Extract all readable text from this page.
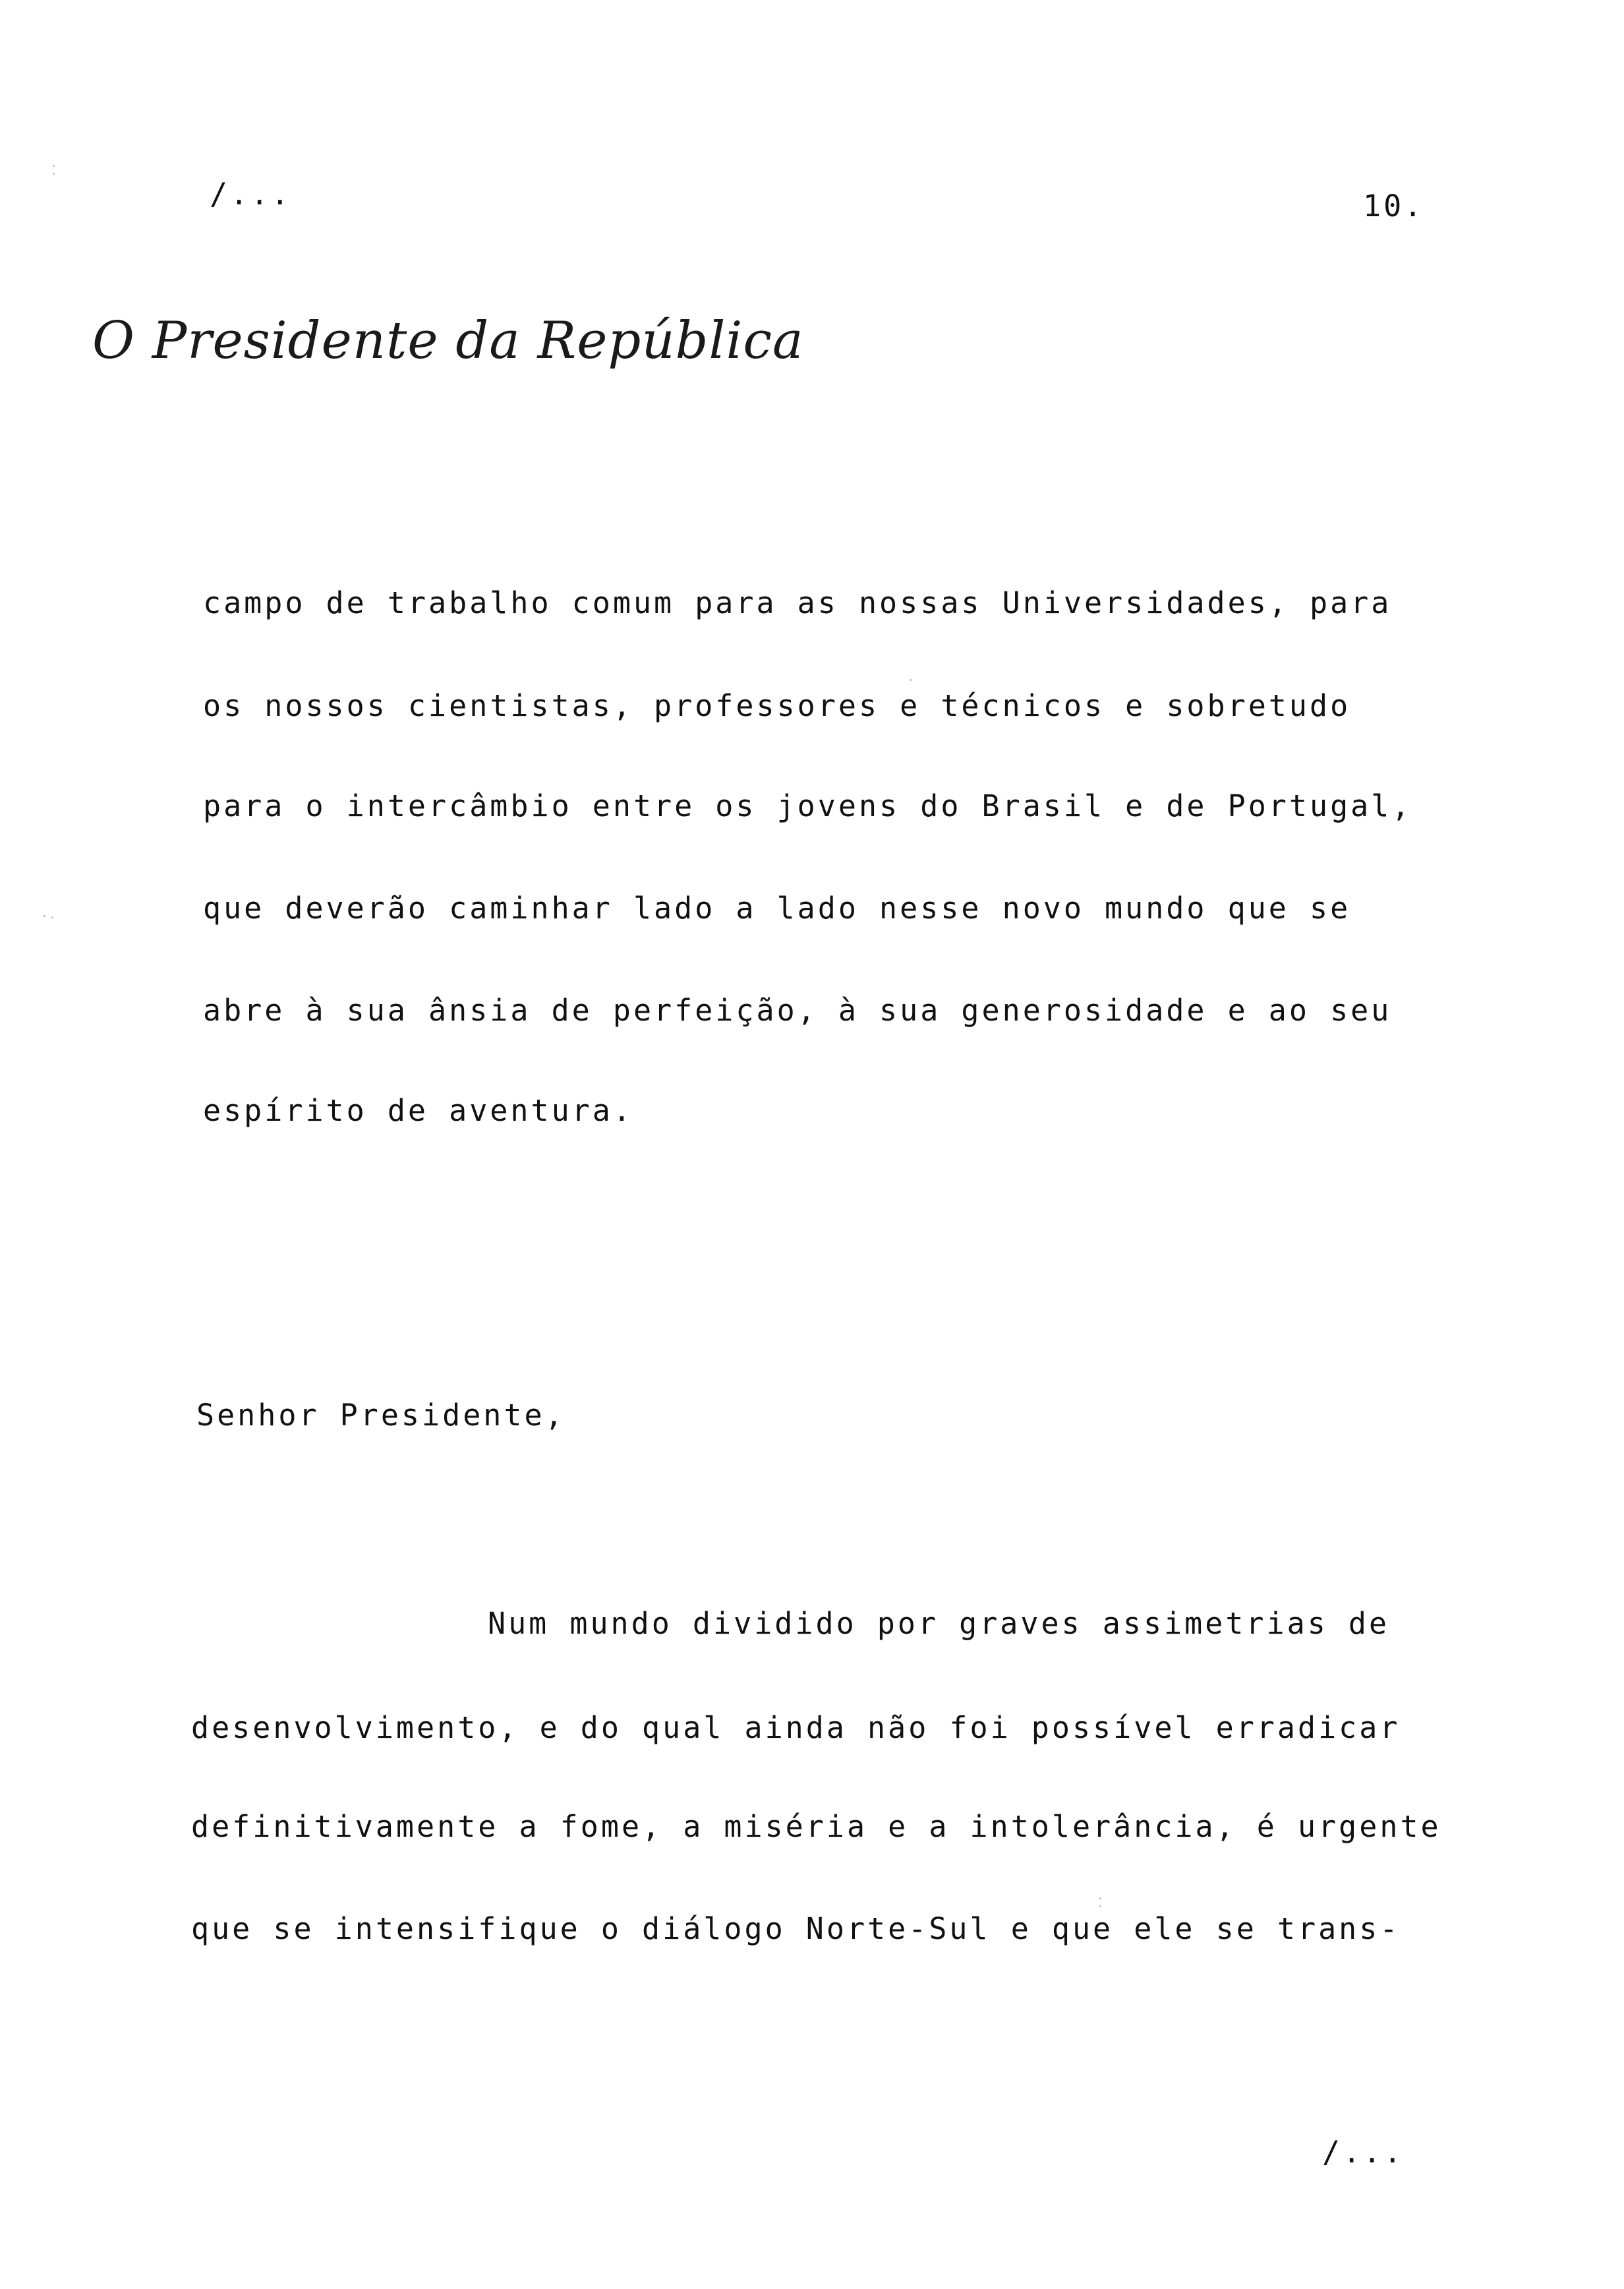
/...	10.
O Presidente da República
campo de trabalho comum para as nossas Universidades, para
os nossos cientistas, professores e técnicos e sobretudo
para o intercâmbio entre os jovens do Brasil e de Portugal,
que deverão caminhar lado a lado nesse novo mundo que se
abre à sua ânsia de perfeição, à sua generosidade e ao seu
espírito de aventura.
Senhor Presidente,
Num mundo dividido por graves assimetrias de
desenvolvimento, e do qual ainda não foi possível erradicar
definitivamente a fome, a miséria e a intolerância, é urgente
que se intensifique o diálogo Norte-Sul e que ele se trans-
/...
